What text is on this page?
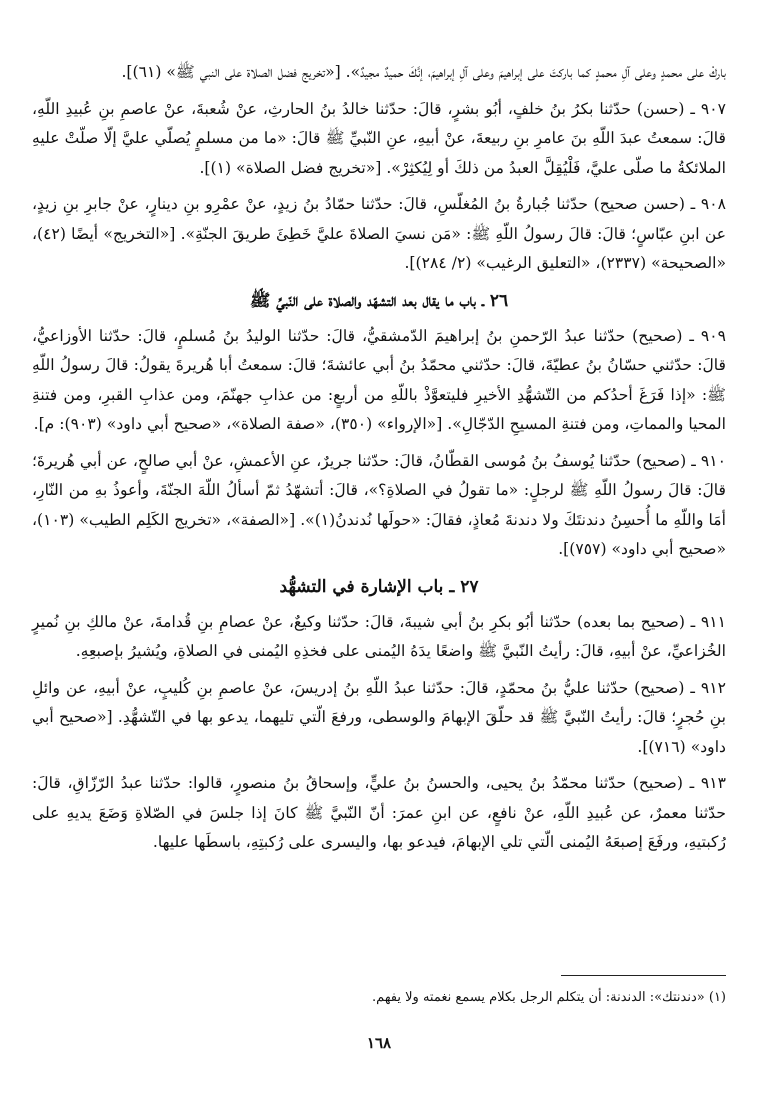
باركْ على محمدٍ وعلى آلِ محمدٍ كما باركتَ على إبراهيمَ وعلى آلِ إبراهيمَ، إنَّكَ حميدٌ مجيدٌ». [«تخريج فضل الصلاة على النبي ﷺ» (٦١)].

٩٠٧ ـ (حسن) حدّثنا بكرُ بنُ خلفٍ، أبُو بشرٍ، قالَ: حدّثنا خالدُ بنُ الحارثِ، عنْ شُعبةَ، عنْ عاصمِ بنِ عُبيدِ اللّهِ، قالَ: سمعتُ عبدَ اللّهِ بنَ عامرِ بنِ ربيعةَ، عنْ أبيهِ، عنِ النّبيِّ ﷺ قالَ: «ما من مسلمٍ يُصلّي عليَّ إلّا صلّتْ عليهِ الملائكةُ ما صلّى عليَّ، فَلْيُقِلَّ العبدُ من ذلكَ أو لِيُكثِرْ». [«تخريج فضل الصلاة» (١)].

٩٠٨ ـ (حسن صحيح) حدّثنا جُبارةُ بنُ المُغلّسِ، قالَ: حدّثنا حمّادُ بنُ زيدٍ، عنْ عمْرِو بنِ دينارٍ، عنْ جابرِ بنِ زيدٍ، عن ابنِ عبّاسٍ؛ قالَ: قالَ رسولُ اللّهِ ﷺ: «مَن نسيَ الصلاةَ عليَّ خَطِئَ طريقَ الجنّةِ». [«التخريج» أيضًا (٤٢)، «الصحيحة» (٢٣٣٧)، «التعليق الرغيب» (٢/ ٢٨٤)].

٢٦ ـ باب ما يقال بعد التشهّد والصلاة على النّبيِّ ﷺ

٩٠٩ ـ (صحيح) حدّثنا عبدُ الرّحمنِ بنُ إبراهيمَ الدّمشقيُّ، قالَ: حدّثنا الوليدُ بنُ مُسلمٍ، قالَ: حدّثنا الأوزاعيُّ، قالَ: حدّثني حسّانُ بنُ عطيّةَ، قالَ: حدّثني محمّدُ بنُ أبي عائشةَ؛ قالَ: سمعتُ أبا هُريرةَ يقولُ: قالَ رسولُ اللّهِ ﷺ: «إذا فَرَغَ أحدُكم من التّشهُّدِ الأخيرِ فليتعوَّذْ باللّهِ من أربعٍ: من عذابِ جهنّمَ، ومن عذابِ القبرِ، ومن فتنةِ المحيا والمماتِ، ومن فتنةِ المسيحِ الدّجّالِ». [«الإرواء» (٣٥٠)، «صفة الصلاة»، «صحيح أبي داود» (٩٠٣): م].

٩١٠ ـ (صحيح) حدّثنا يُوسفُ بنُ مُوسى القطّانُ، قالَ: حدّثنا جريرٌ، عنِ الأعمشِ، عنْ أبي صالحٍ، عن أبي هُريرةَ؛ قالَ: قالَ رسولُ اللّهِ ﷺ لرجلٍ: «ما تقولُ في الصلاةِ؟»، قالَ: أتشهّدُ ثمّ أسألُ اللّهَ الجنّةَ، وأعوذُ بهِ من النّارِ، أمَا واللّهِ ما أُحسِنُ دندنتَكَ ولا دندنةَ مُعاذٍ، فقالَ: «حولَها نُدندنُ(١)». [«الصفة»، «تخريج الكَلِم الطيب» (١٠٣)، «صحيح أبي داود» (٧٥٧)].

٢٧ ـ باب الإشارة في التشهُّد

٩١١ ـ (صحيح بما بعده) حدّثنا أبُو بكرِ بنُ أبي شيبةَ، قالَ: حدّثنا وكيعٌ، عنْ عصامِ بنِ قُدامةَ، عنْ مالكِ بنِ نُميرٍ الخُزاعيِّ، عنْ أبيهِ، قالَ: رأيتُ النّبيَّ ﷺ واضعًا يدَهُ اليُمنى على فخذِهِ اليُمنى في الصلاةِ، ويُشيرُ بإصبعِهِ.

٩١٢ ـ (صحيح) حدّثنا عليُّ بنُ محمّدٍ، قالَ: حدّثنا عبدُ اللّهِ بنُ إدريسَ، عنْ عاصمِ بنِ كُليبٍ، عنْ أبيهِ، عن وائلِ بنِ حُجرٍ؛ قالَ: رأيتُ النّبيَّ ﷺ قد حلّقَ الإبهامَ والوسطى، ورفعَ الّتي تليهما، يدعو بها في التّشهُّدِ. [«صحيح أبي داود» (٧١٦)].

٩١٣ ـ (صحيح) حدّثنا محمّدُ بنُ يحيى، والحسنُ بنُ عليٍّ، وإسحاقُ بنُ منصورٍ، قالوا: حدّثنا عبدُ الرّزّاقِ، قالَ: حدّثنا معمرٌ، عن عُبيدِ اللّهِ، عنْ نافعٍ، عن ابنِ عمرَ: أنّ النّبيَّ ﷺ كانَ إذا جلسَ في الصّلاةِ وَضَعَ يديهِ على رُكبتيهِ، ورفَعَ إصبعَهُ اليُمنى الّتي تلي الإبهامَ، فيدعو بها، واليسرى على رُكبتِهِ، باسطَها عليها.

(١) «دندنتك»: الدندنة: أن يتكلم الرجل بكلام يسمع نغمته ولا يفهم.
١٦٨
